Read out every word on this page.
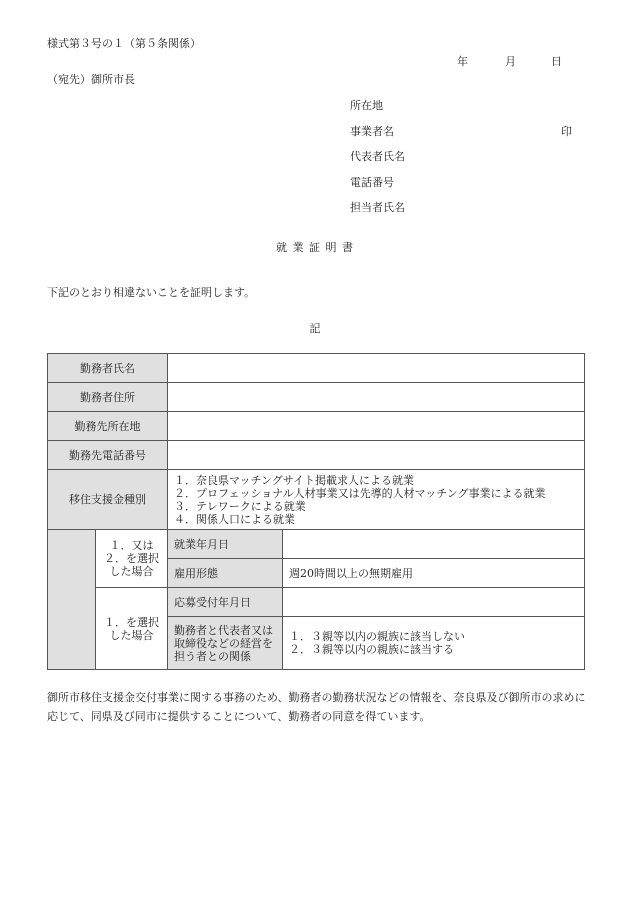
様式第３号の１（第５条関係）
年	月	日
（宛先）御所市長
所在地
事業者名	印
代表者氏名
電話番号
担当者氏名
就 業 証 明 書
下記のとおり相違ないことを証明します。
記
勤務者氏名			
勤務者住所			
勤務先所在地			
勤務先電話番号			
移住支援金種別		１．奈良県マッチングサイト掲載求人による就業
２．プロフェッショナル人材事業又は先導的人材マッチング事業による就業
３．テレワークによる就業
４．関係人口による就業	

	１．又は２．を選択した場合	就業年月日	
		雇用形態	週20時間以上の無期雇用
	１．を選択した場合	応募受付年月日	
		勤務者と代表者又は取締役などの経営を担う者との関係	１．３親等以内の親族に該当しない
２．３親等以内の親族に該当する
御所市移住支援金交付事業に関する事務のため、勤務者の勤務状況などの情報を、奈良県及び御所市の求めに応じて、同県及び同市に提供することについて、勤務者の同意を得ています。
